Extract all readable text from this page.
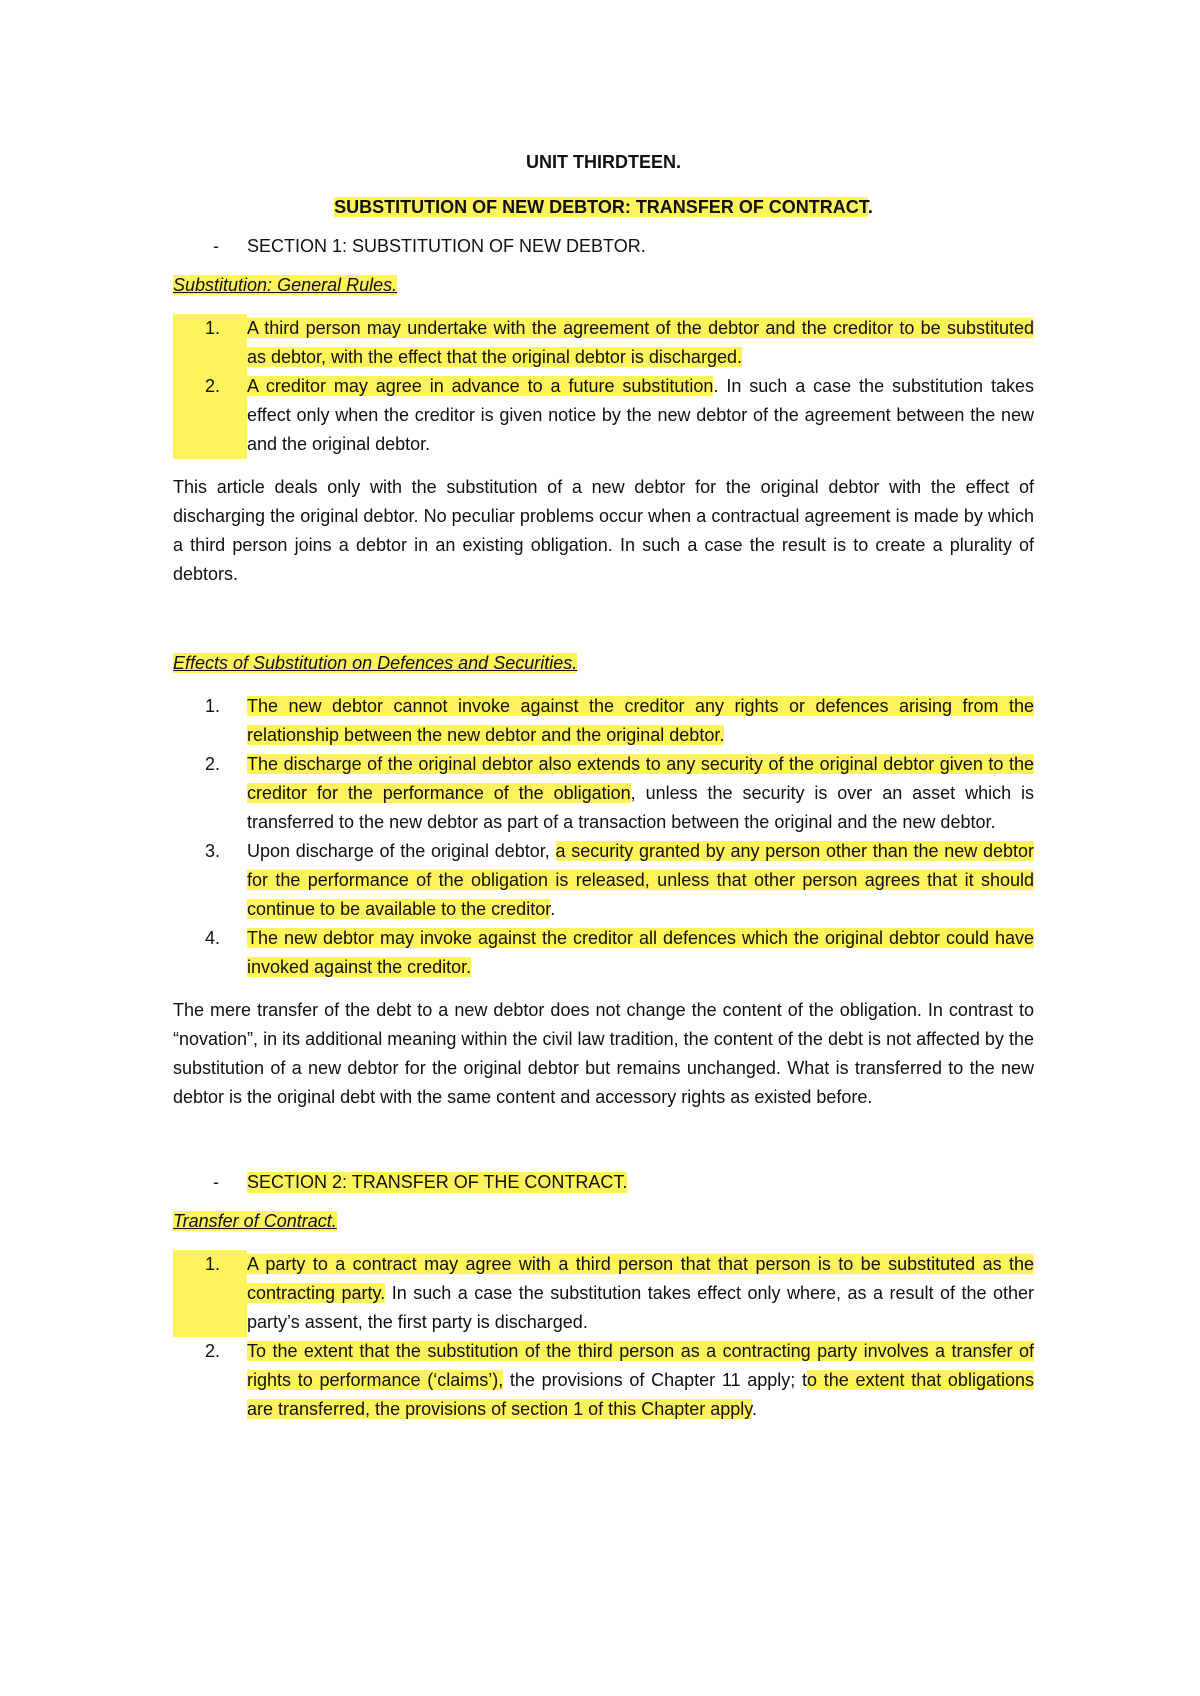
UNIT THIRDTEEN.

SUBSTITUTION OF NEW DEBTOR: TRANSFER OF CONTRACT.

-	SECTION 1: SUBSTITUTION OF NEW DEBTOR.

Substitution: General Rules.

1.	A third person may undertake with the agreement of the debtor and the creditor to be substituted as debtor, with the effect that the original debtor is discharged.
2.	A creditor may agree in advance to a future substitution. In such a case the substitution takes effect only when the creditor is given notice by the new debtor of the agreement between the new and the original debtor.

This article deals only with the substitution of a new debtor for the original debtor with the effect of discharging the original debtor. No peculiar problems occur when a contractual agreement is made by which a third person joins a debtor in an existing obligation. In such a case the result is to create a plurality of debtors.

Effects of Substitution on Defences and Securities.

1.	The new debtor cannot invoke against the creditor any rights or defences arising from the relationship between the new debtor and the original debtor.
2.	The discharge of the original debtor also extends to any security of the original debtor given to the creditor for the performance of the obligation, unless the security is over an asset which is transferred to the new debtor as part of a transaction between the original and the new debtor.
3.	Upon discharge of the original debtor, a security granted by any person other than the new debtor for the performance of the obligation is released, unless that other person agrees that it should continue to be available to the creditor.
4.	The new debtor may invoke against the creditor all defences which the original debtor could have invoked against the creditor.

The mere transfer of the debt to a new debtor does not change the content of the obligation. In contrast to “novation”, in its additional meaning within the civil law tradition, the content of the debt is not affected by the substitution of a new debtor for the original debtor but remains unchanged. What is transferred to the new debtor is the original debt with the same content and accessory rights as existed before.

-	SECTION 2: TRANSFER OF THE CONTRACT.

Transfer of Contract.

1.	A party to a contract may agree with a third person that that person is to be substituted as the contracting party. In such a case the substitution takes effect only where, as a result of the other party’s assent, the first party is discharged.
2.	To the extent that the substitution of the third person as a contracting party involves a transfer of rights to performance (‘claims’), the provisions of Chapter 11 apply; to the extent that obligations are transferred, the provisions of section 1 of this Chapter apply.
